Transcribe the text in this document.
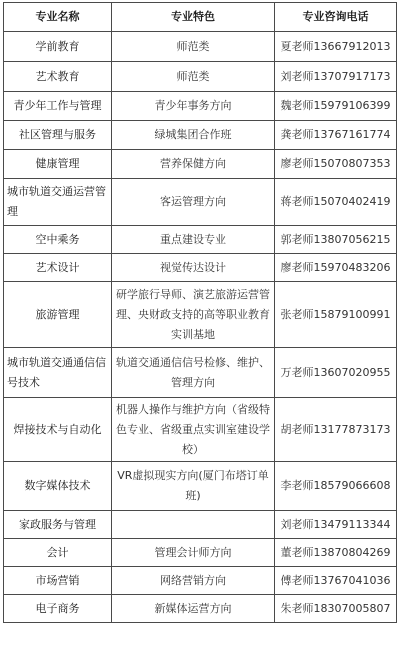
专业名称	专业特色	专业咨询电话
学前教育	师范类	夏老师13667912013
艺术教育	师范类	刘老师13707917173
青少年工作与管理	青少年事务方向	魏老师15979106399
社区管理与服务	绿城集团合作班	龚老师13767161774
健康管理	营养保健方向	廖老师15070807353
城市轨道交通运营管理	客运管理方向	蒋老师15070402419
空中乘务	重点建设专业	郭老师13807056215
艺术设计	视觉传达设计	廖老师15970483206
旅游管理	研学旅行导师、演艺旅游运营管理、央财政支持的高等职业教育实训基地	张老师15879100991
城市轨道交通通信信号技术	轨道交通通信信号检修、维护、管理方向	万老师13607020955
焊接技术与自动化	机器人操作与维护方向（省级特色专业、省级重点实训室建设学校）	胡老师13177873173
数字媒体技术	VR虚拟现实方向(厦门布塔订单班)	李老师18579066608
家政服务与管理		刘老师13479113344
会计	管理会计师方向	董老师13870804269
市场营销	网络营销方向	傅老师13767041036
电子商务	新媒体运营方向	朱老师18307005807
